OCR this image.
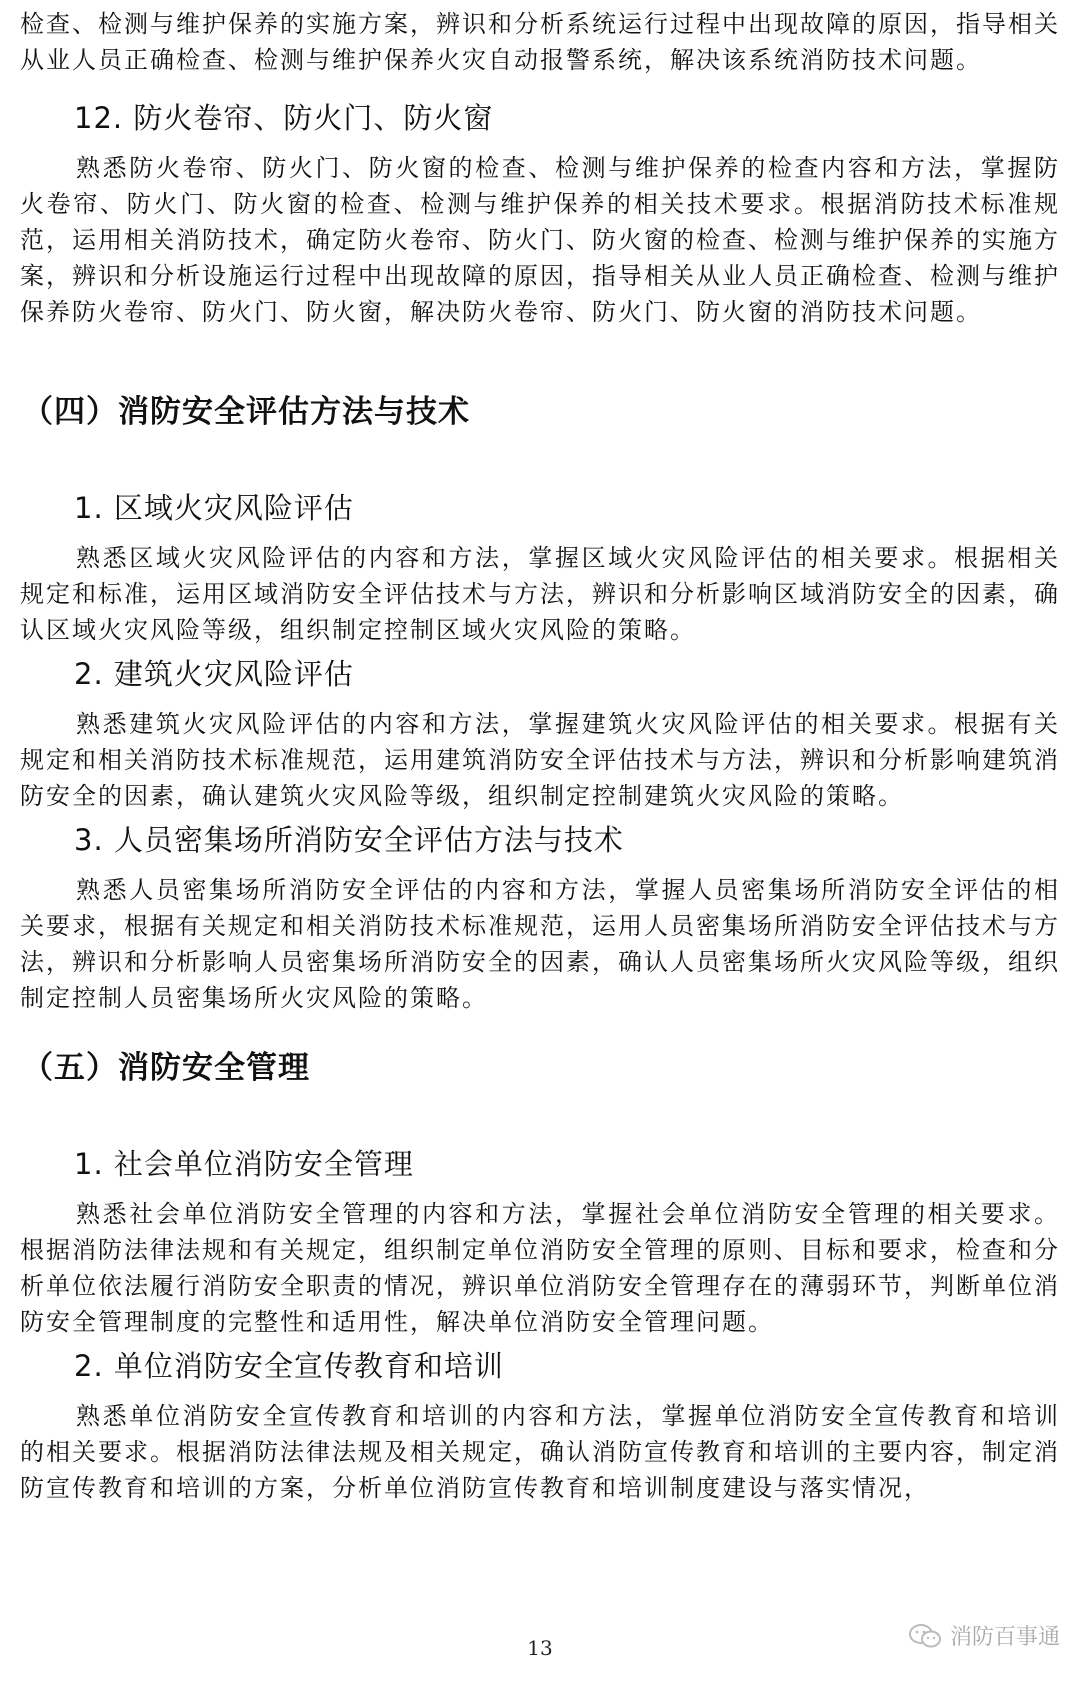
检查、检测与维护保养的实施方案，辨识和分析系统运行过程中出现故障的原因，指导相关从业人员正确检查、检测与维护保养火灾自动报警系统，解决该系统消防技术问题。

12. 防火卷帘、防火门、防火窗

熟悉防火卷帘、防火门、防火窗的检查、检测与维护保养的检查内容和方法，掌握防火卷帘、防火门、防火窗的检查、检测与维护保养的相关技术要求。根据消防技术标准规范，运用相关消防技术，确定防火卷帘、防火门、防火窗的检查、检测与维护保养的实施方案，辨识和分析设施运行过程中出现故障的原因，指导相关从业人员正确检查、检测与维护保养防火卷帘、防火门、防火窗，解决防火卷帘、防火门、防火窗的消防技术问题。

（四）消防安全评估方法与技术
1. 区域火灾风险评估

熟悉区域火灾风险评估的内容和方法，掌握区域火灾风险评估的相关要求。根据相关规定和标准，运用区域消防安全评估技术与方法，辨识和分析影响区域消防安全的因素，确认区域火灾风险等级，组织制定控制区域火灾风险的策略。

2. 建筑火灾风险评估

熟悉建筑火灾风险评估的内容和方法，掌握建筑火灾风险评估的相关要求。根据有关规定和相关消防技术标准规范，运用建筑消防安全评估技术与方法，辨识和分析影响建筑消防安全的因素，确认建筑火灾风险等级，组织制定控制建筑火灾风险的策略。

3. 人员密集场所消防安全评估方法与技术

熟悉人员密集场所消防安全评估的内容和方法，掌握人员密集场所消防安全评估的相关要求，根据有关规定和相关消防技术标准规范，运用人员密集场所消防安全评估技术与方法，辨识和分析影响人员密集场所消防安全的因素，确认人员密集场所火灾风险等级，组织制定控制人员密集场所火灾风险的策略。

（五）消防安全管理
1. 社会单位消防安全管理

熟悉社会单位消防安全管理的内容和方法，掌握社会单位消防安全管理的相关要求。根据消防法律法规和有关规定，组织制定单位消防安全管理的原则、目标和要求，检查和分析单位依法履行消防安全职责的情况，辨识单位消防安全管理存在的薄弱环节，判断单位消防安全管理制度的完整性和适用性，解决单位消防安全管理问题。

2. 单位消防安全宣传教育和培训

熟悉单位消防安全宣传教育和培训的内容和方法，掌握单位消防安全宣传教育和培训的相关要求。根据消防法律法规及相关规定，确认消防宣传教育和培训的主要内容，制定消防宣传教育和培训的方案，分析单位消防宣传教育和培训制度建设与落实情况，

13	消防百事通
